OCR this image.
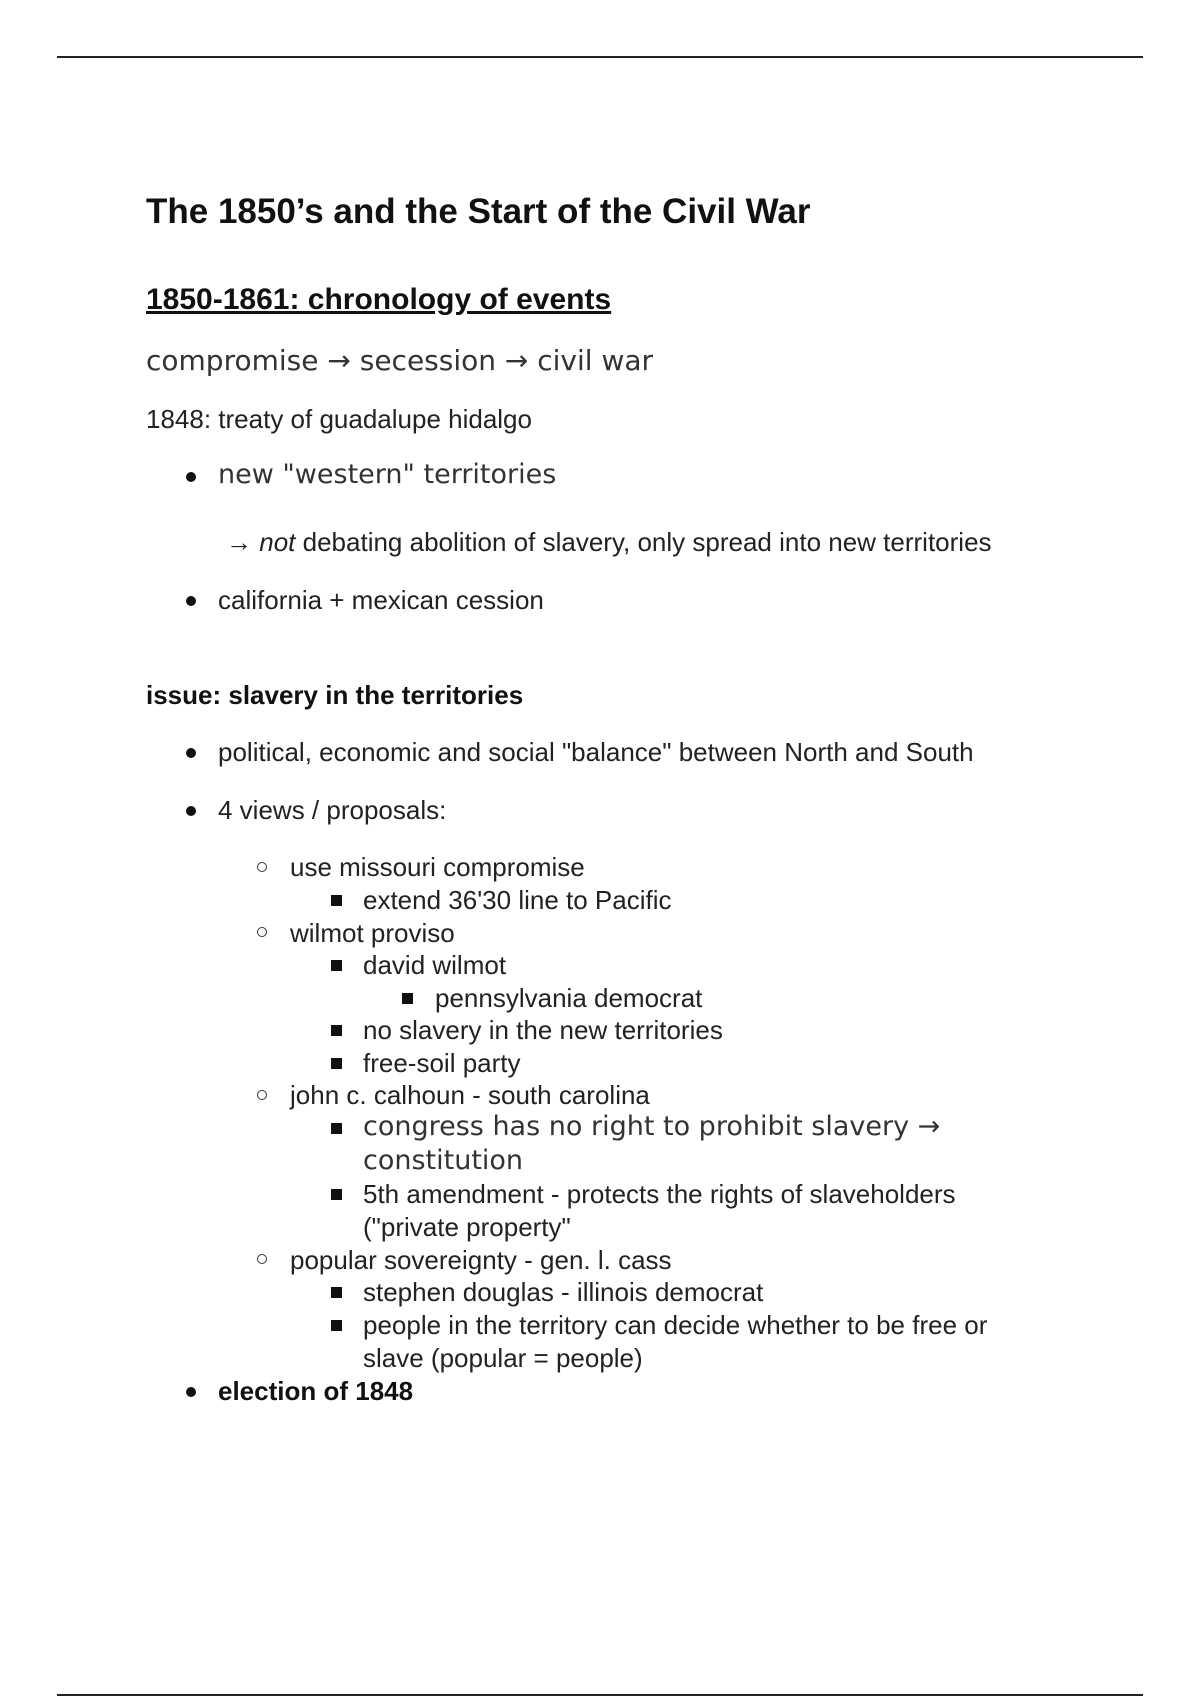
The 1850’s and the Start of the Civil War
1850-1861: chronology of events

compromise → secession → civil war

1848: treaty of guadalupe hidalgo

new "western" territories

→ not debating abolition of slavery, only spread into new territories

california + mexican cession

issue: slavery in the territories

political, economic and social "balance" between North and South

4 views / proposals:

use missouri compromise

extend 36'30 line to Pacific

wilmot proviso

david wilmot

pennsylvania democrat

no slavery in the new territories

free-soil party

john c. calhoun - south carolina

congress has no right to prohibit slavery →

constitution

5th amendment - protects the rights of slaveholders

("private property"

popular sovereignty - gen. l. cass

stephen douglas - illinois democrat

people in the territory can decide whether to be free or

slave (popular = people)

election of 1848
